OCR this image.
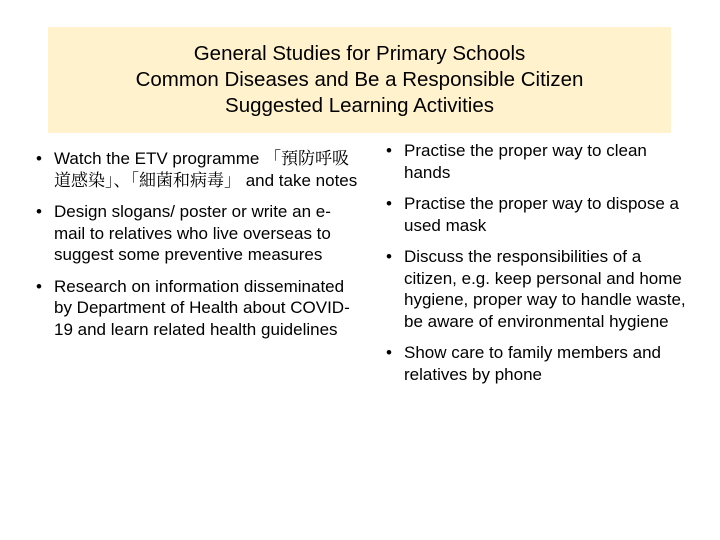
General Studies for Primary Schools
Common Diseases and Be a Responsible Citizen
Suggested Learning Activities
• Watch the ETV programme 「預防呼吸道感染」、「細菌和病毒」 and take notes
• Design slogans/ poster or write an e-mail to relatives who live overseas to suggest some preventive measures
• Research on information disseminated by Department of Health about COVID-19 and learn related health guidelines
• Practise the proper way to clean hands
• Practise the proper way to dispose a used mask
• Discuss the responsibilities of a citizen, e.g. keep personal and home hygiene, proper way to handle waste, be aware of environmental hygiene
• Show care to family members and relatives by phone
